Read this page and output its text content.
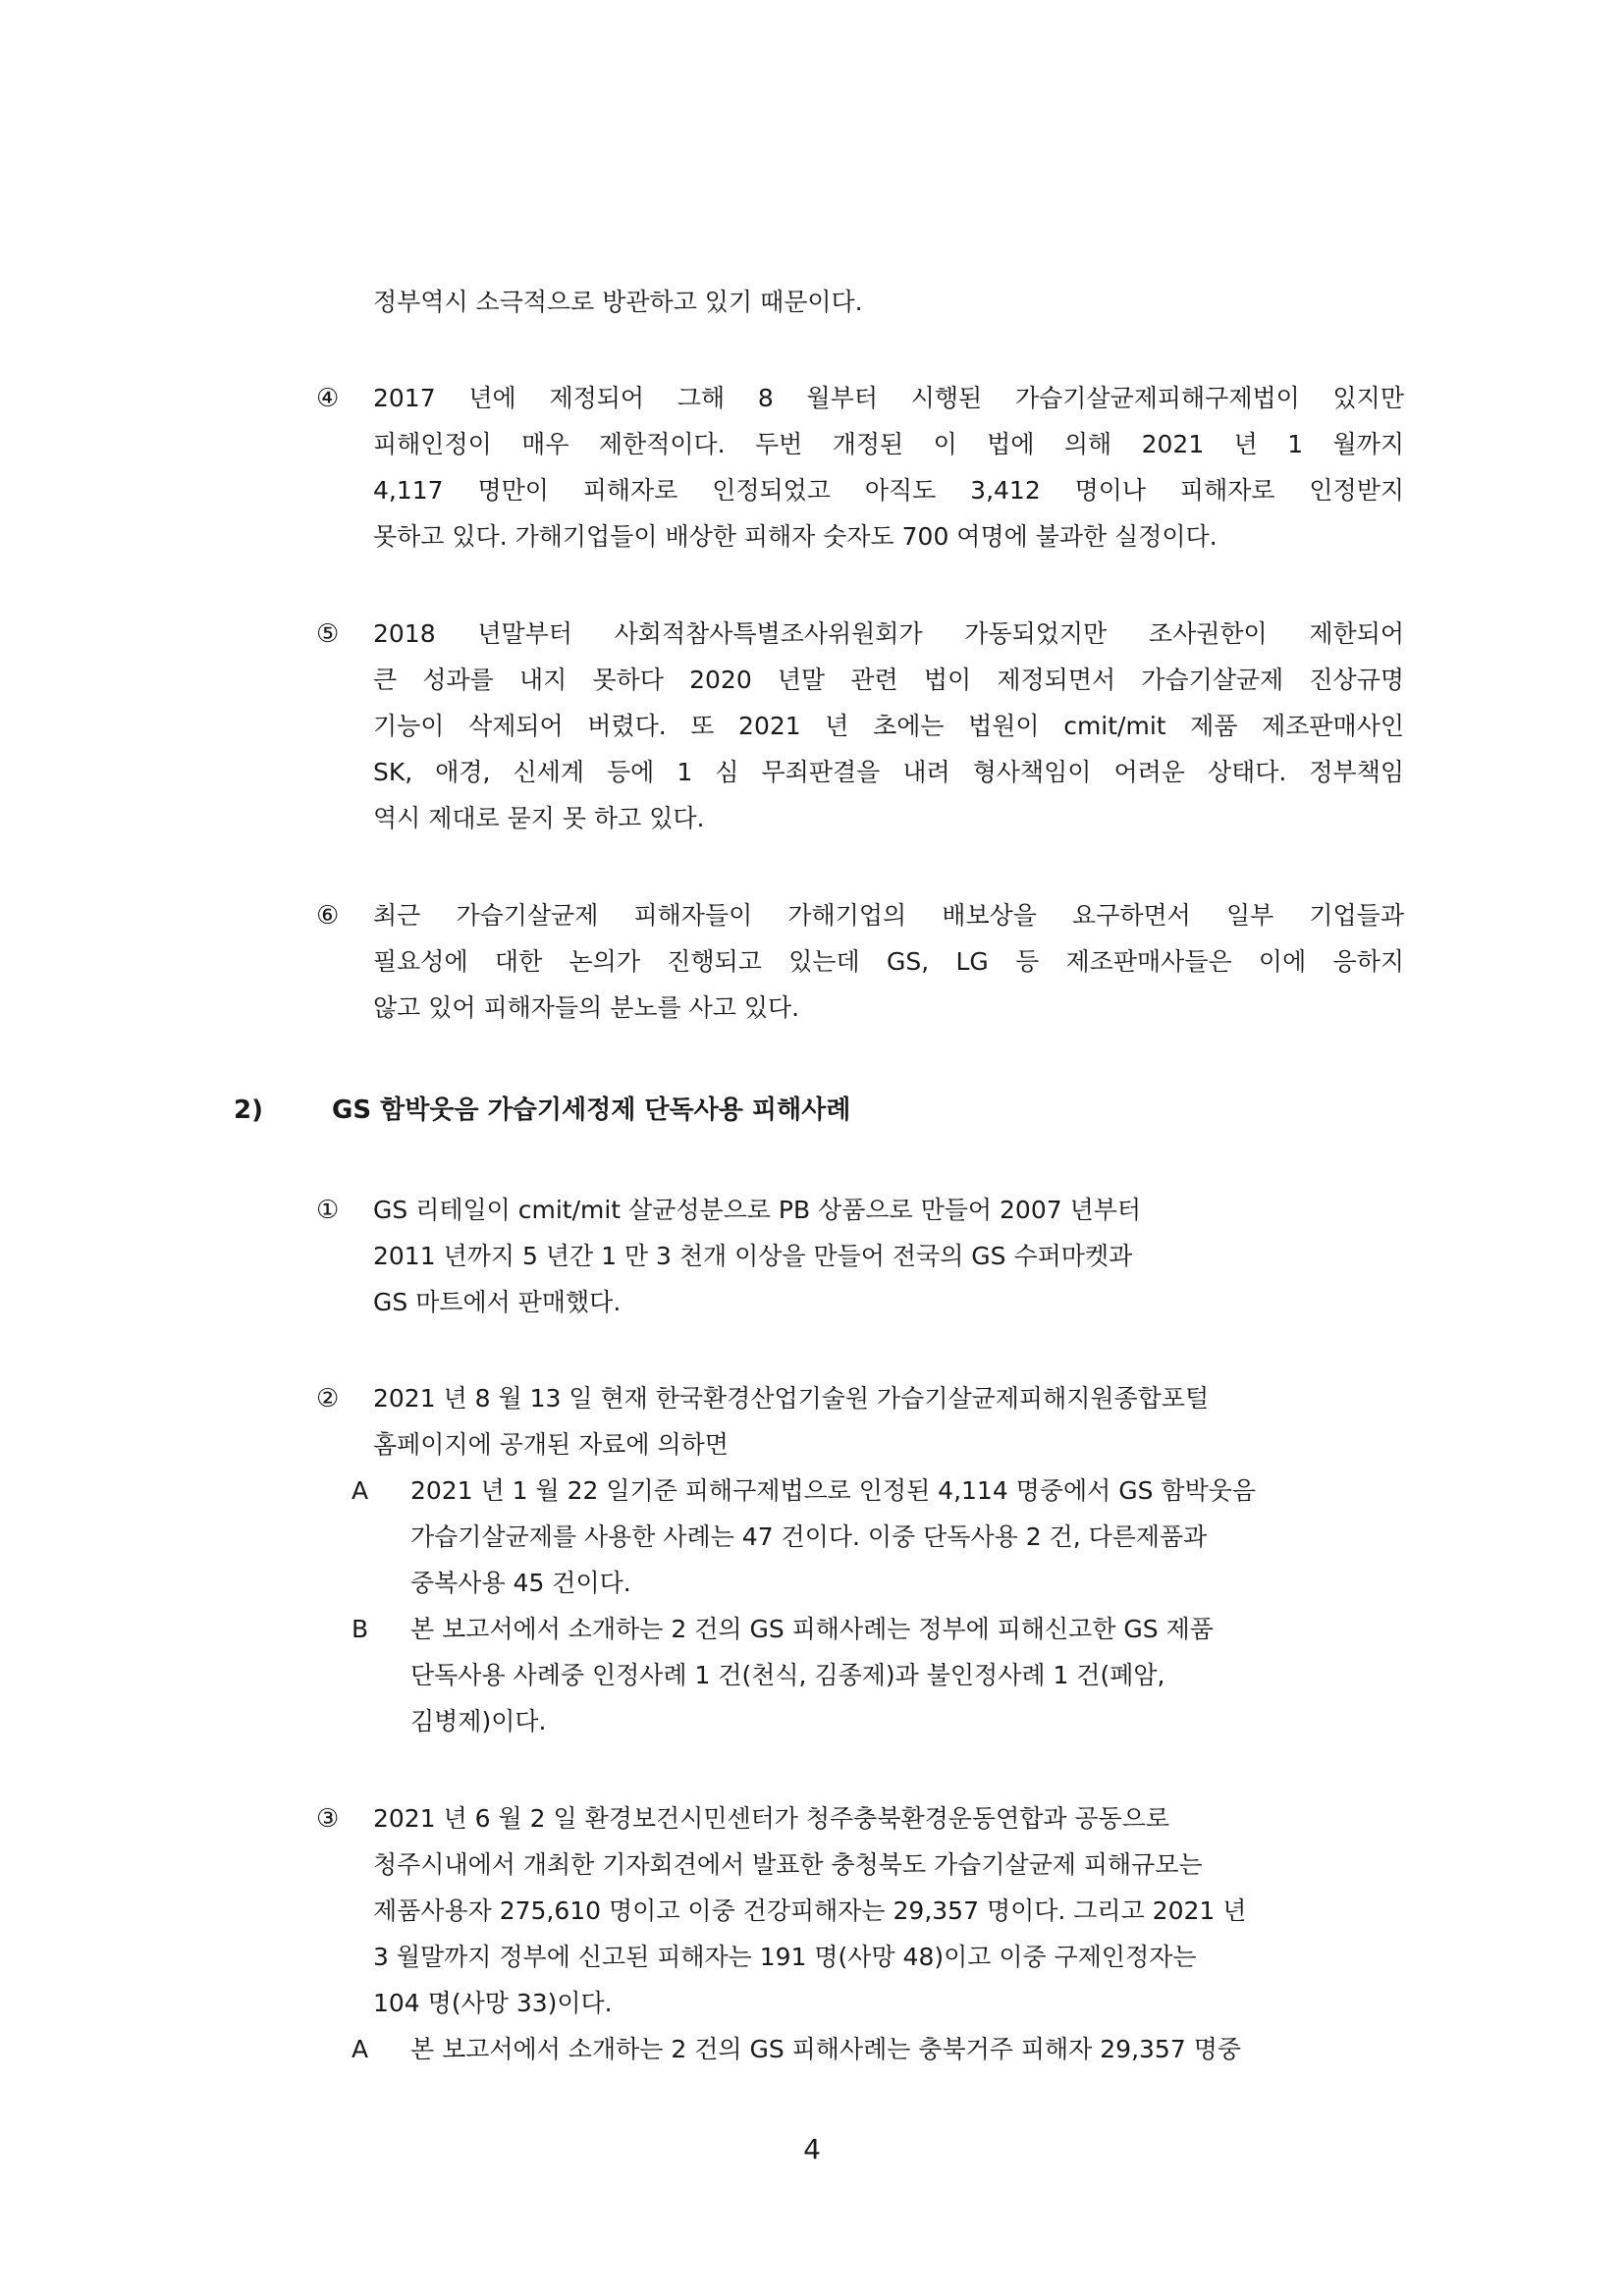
정부역시 소극적으로 방관하고 있기 때문이다.
④ 2017 년에 제정되어 그해 8 월부터 시행된 가습기살균제피해구제법이 있지만
피해인정이 매우 제한적이다. 두번 개정된 이 법에 의해 2021 년 1 월까지
4,117 명만이 피해자로 인정되었고 아직도 3,412 명이나 피해자로 인정받지
못하고 있다. 가해기업들이 배상한 피해자 숫자도 700 여명에 불과한 실정이다.
⑤ 2018 년말부터 사회적참사특별조사위원회가 가동되었지만 조사권한이 제한되어
큰 성과를 내지 못하다 2020 년말 관련 법이 제정되면서 가습기살균제 진상규명
기능이 삭제되어 버렸다. 또 2021 년 초에는 법원이 cmit/mit 제품 제조판매사인
SK, 애경, 신세계 등에 1 심 무죄판결을 내려 형사책임이 어려운 상태다. 정부책임
역시 제대로 묻지 못 하고 있다.
⑥ 최근 가습기살균제 피해자들이 가해기업의 배보상을 요구하면서 일부 기업들과
필요성에 대한 논의가 진행되고 있는데 GS, LG 등 제조판매사들은 이에 응하지
않고 있어 피해자들의 분노를 사고 있다.
2)	GS 함박웃음 가습기세정제 단독사용 피해사례
① GS 리테일이 cmit/mit 살균성분으로 PB 상품으로 만들어 2007 년부터
2011 년까지 5 년간 1 만 3 천개 이상을 만들어 전국의 GS 수퍼마켓과
GS 마트에서 판매했다.
② 2021 년 8 월 13 일 현재 한국환경산업기술원 가습기살균제피해지원종합포털
홈페이지에 공개된 자료에 의하면
A 2021 년 1 월 22 일기준 피해구제법으로 인정된 4,114 명중에서 GS 함박웃음
가습기살균제를 사용한 사례는 47 건이다. 이중 단독사용 2 건, 다른제품과
중복사용 45 건이다.
B 본 보고서에서 소개하는 2 건의 GS 피해사례는 정부에 피해신고한 GS 제품
단독사용 사례중 인정사례 1 건(천식, 김종제)과 불인정사례 1 건(폐암,
김병제)이다.
③ 2021 년 6 월 2 일 환경보건시민센터가 청주충북환경운동연합과 공동으로
청주시내에서 개최한 기자회견에서 발표한 충청북도 가습기살균제 피해규모는
제품사용자 275,610 명이고 이중 건강피해자는 29,357 명이다. 그리고 2021 년
3 월말까지 정부에 신고된 피해자는 191 명(사망 48)이고 이중 구제인정자는
104 명(사망 33)이다.
A 본 보고서에서 소개하는 2 건의 GS 피해사례는 충북거주 피해자 29,357 명중
4
